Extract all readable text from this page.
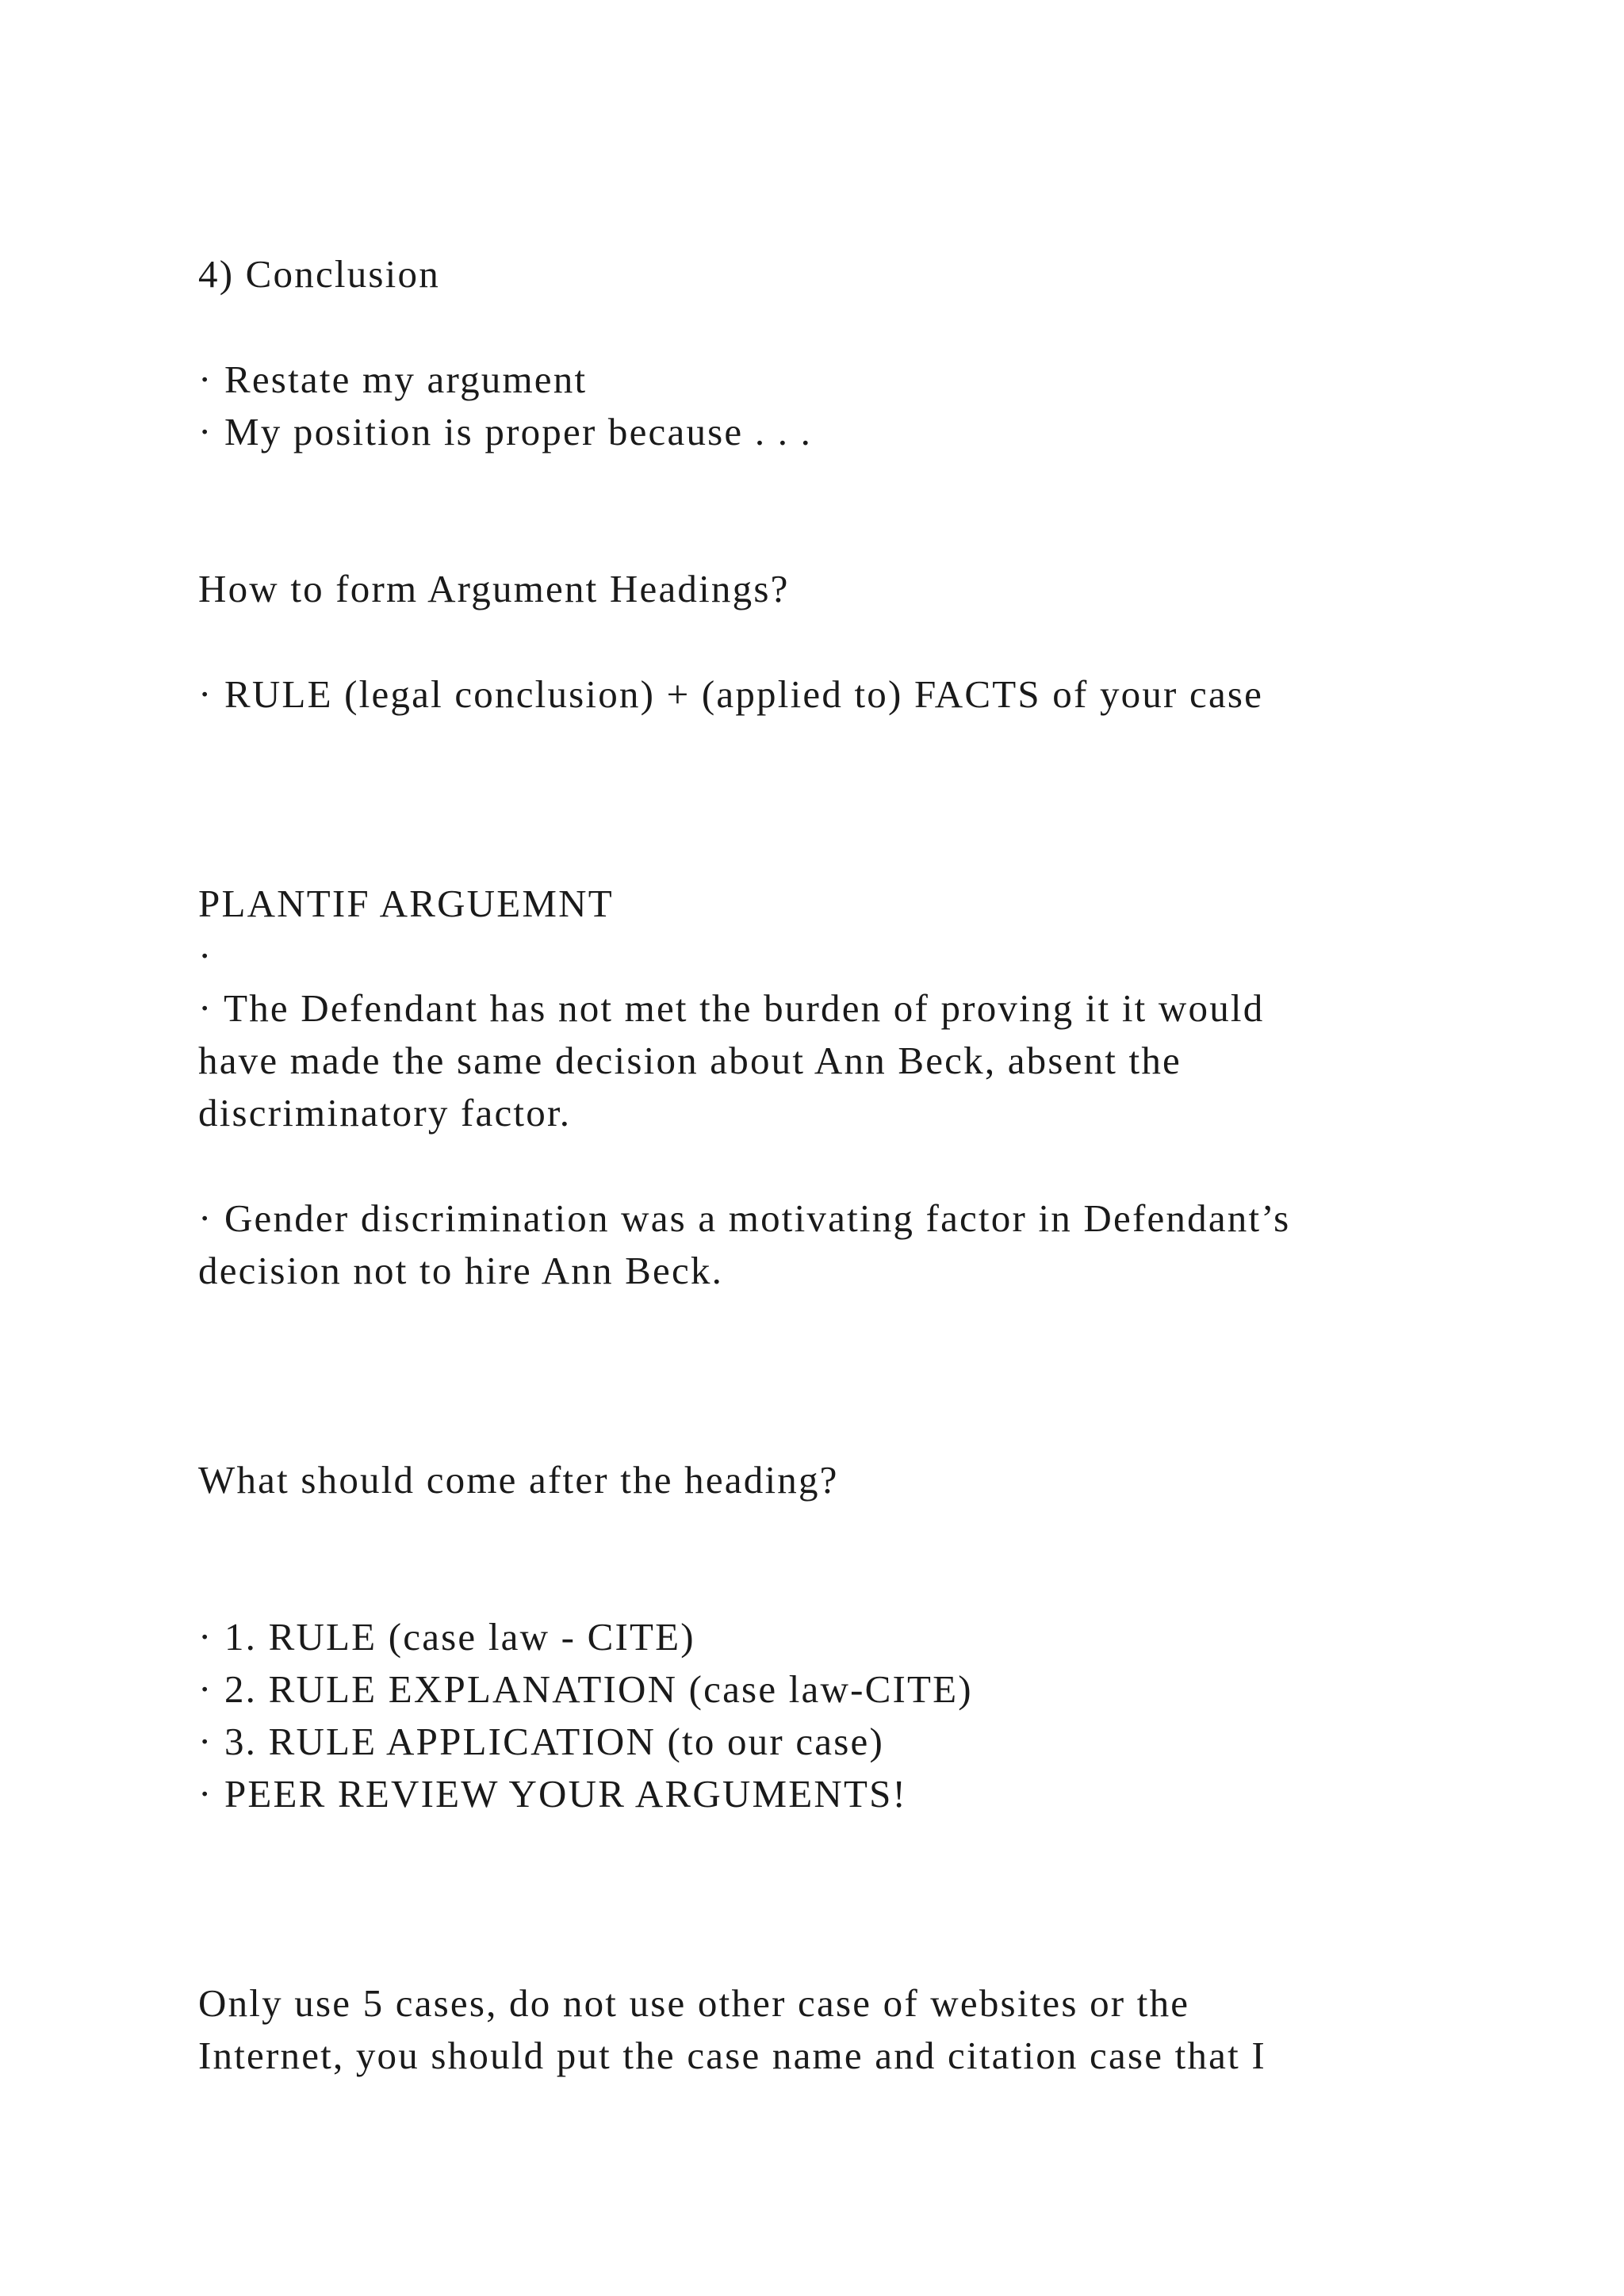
4) Conclusion
· Restate my argument
· My position is proper because . . .
How to form Argument Headings?
· RULE (legal conclusion) + (applied to) FACTS of your case
PLANTIF ARGUEMNT
·
· The Defendant has not met the burden of proving it it would
have made the same decision about Ann Beck, absent the
discriminatory factor.
· Gender discrimination was a motivating factor in Defendant’s
decision not to hire Ann Beck.
What should come after the heading?
· 1. RULE (case law - CITE)
· 2. RULE EXPLANATION (case law-CITE)
· 3. RULE APPLICATION (to our case)
· PEER REVIEW YOUR ARGUMENTS!
Only use 5 cases, do not use other case of websites or the
Internet, you should put the case name and citation case that I
